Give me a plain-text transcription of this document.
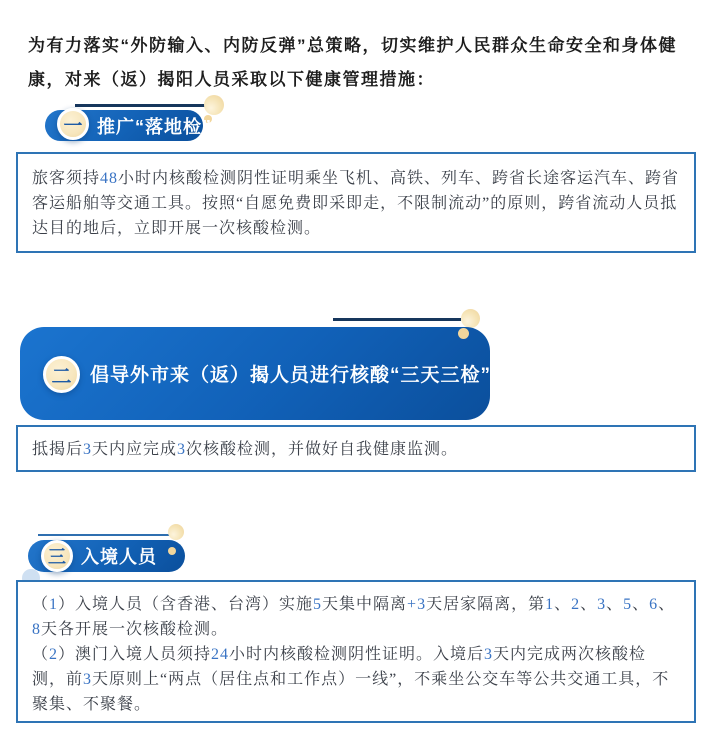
为有力落实“外防输入、内防反弹”总策略，切实维护人民群众生命安全和身体健康，对来（返）揭阳人员采取以下健康管理措施：

一 推广“落地检”

旅客须持48小时内核酸检测阴性证明乘坐飞机、高铁、列车、跨省长途客运汽车、跨省客运船舶等交通工具。按照“自愿免费即采即走，不限制流动”的原则，跨省流动人员抵达目的地后，立即开展一次核酸检测。

二 倡导外市来（返）揭人员进行核酸“三天三检”

抵揭后3天内应完成3次核酸检测，并做好自我健康监测。

三 入境人员

（1）入境人员（含香港、台湾）实施5天集中隔离+3天居家隔离，第1、2、3、5、6、8天各开展一次核酸检测。

（2）澳门入境人员须持24小时内核酸检测阴性证明。入境后3天内完成两次核酸检测，前3天原则上“两点（居住点和工作点）一线”，不乘坐公交车等公共交通工具，不聚集、不聚餐。
